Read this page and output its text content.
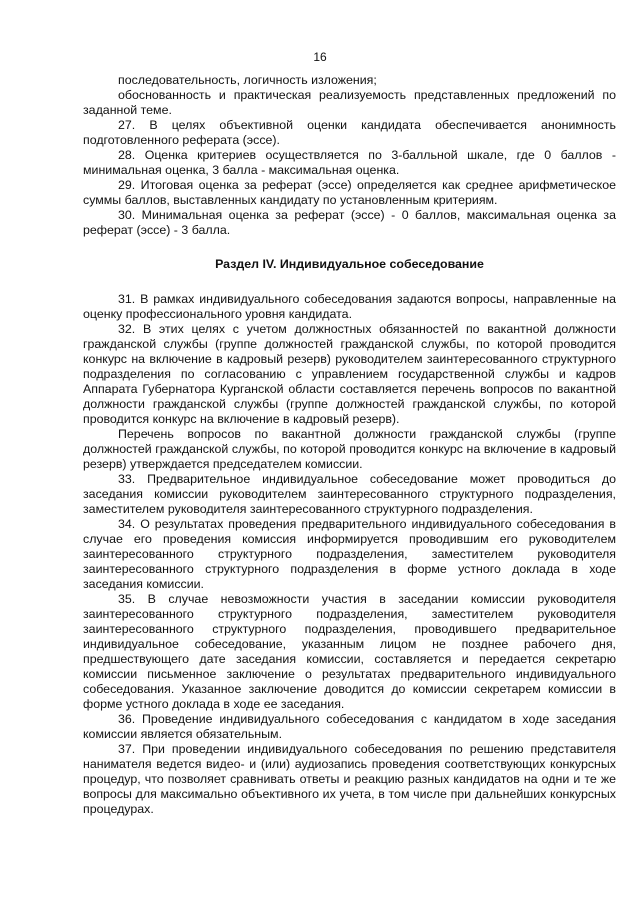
16

последовательность, логичность изложения;

обоснованность и практическая реализуемость представленных предложений по заданной теме.

27. В целях объективной оценки кандидата обеспечивается анонимность подготовленного реферата (эссе).

28. Оценка критериев осуществляется по 3-балльной шкале, где 0 баллов - минимальная оценка, 3 балла - максимальная оценка.

29. Итоговая оценка за реферат (эссе) определяется как среднее арифметическое суммы баллов, выставленных кандидату по установленным критериям.

30. Минимальная оценка за реферат (эссе) - 0 баллов, максимальная оценка за реферат (эссе) - 3 балла.

Раздел IV. Индивидуальное собеседование

31. В рамках индивидуального собеседования задаются вопросы, направленные на оценку профессионального уровня кандидата.

32. В этих целях с учетом должностных обязанностей по вакантной должности гражданской службы (группе должностей гражданской службы, по которой проводится конкурс на включение в кадровый резерв) руководителем заинтересованного структурного подразделения по согласованию с управлением государственной службы и кадров Аппарата Губернатора Курганской области составляется перечень вопросов по вакантной должности гражданской службы (группе должностей гражданской службы, по которой проводится конкурс на включение в кадровый резерв).

Перечень вопросов по вакантной должности гражданской службы (группе должностей гражданской службы, по которой проводится конкурс на включение в кадровый резерв) утверждается председателем комиссии.

33. Предварительное индивидуальное собеседование может проводиться до заседания комиссии руководителем заинтересованного структурного подразделения, заместителем руководителя заинтересованного структурного подразделения.

34. О результатах проведения предварительного индивидуального собеседования в случае его проведения комиссия информируется проводившим его руководителем заинтересованного структурного подразделения, заместителем руководителя заинтересованного структурного подразделения в форме устного доклада в ходе заседания комиссии.

35. В случае невозможности участия в заседании комиссии руководителя заинтересованного структурного подразделения, заместителем руководителя заинтересованного структурного подразделения, проводившего предварительное индивидуальное собеседование, указанным лицом не позднее рабочего дня, предшествующего дате заседания комиссии, составляется и передается секретарю комиссии письменное заключение о результатах предварительного индивидуального собеседования. Указанное заключение доводится до комиссии секретарем комиссии в форме устного доклада в ходе ее заседания.

36. Проведение индивидуального собеседования с кандидатом в ходе заседания комиссии является обязательным.

37. При проведении индивидуального собеседования по решению представителя нанимателя ведется видео- и (или) аудиозапись проведения соответствующих конкурсных процедур, что позволяет сравнивать ответы и реакцию разных кандидатов на одни и те же вопросы для максимально объективного их учета, в том числе при дальнейших конкурсных процедурах.
